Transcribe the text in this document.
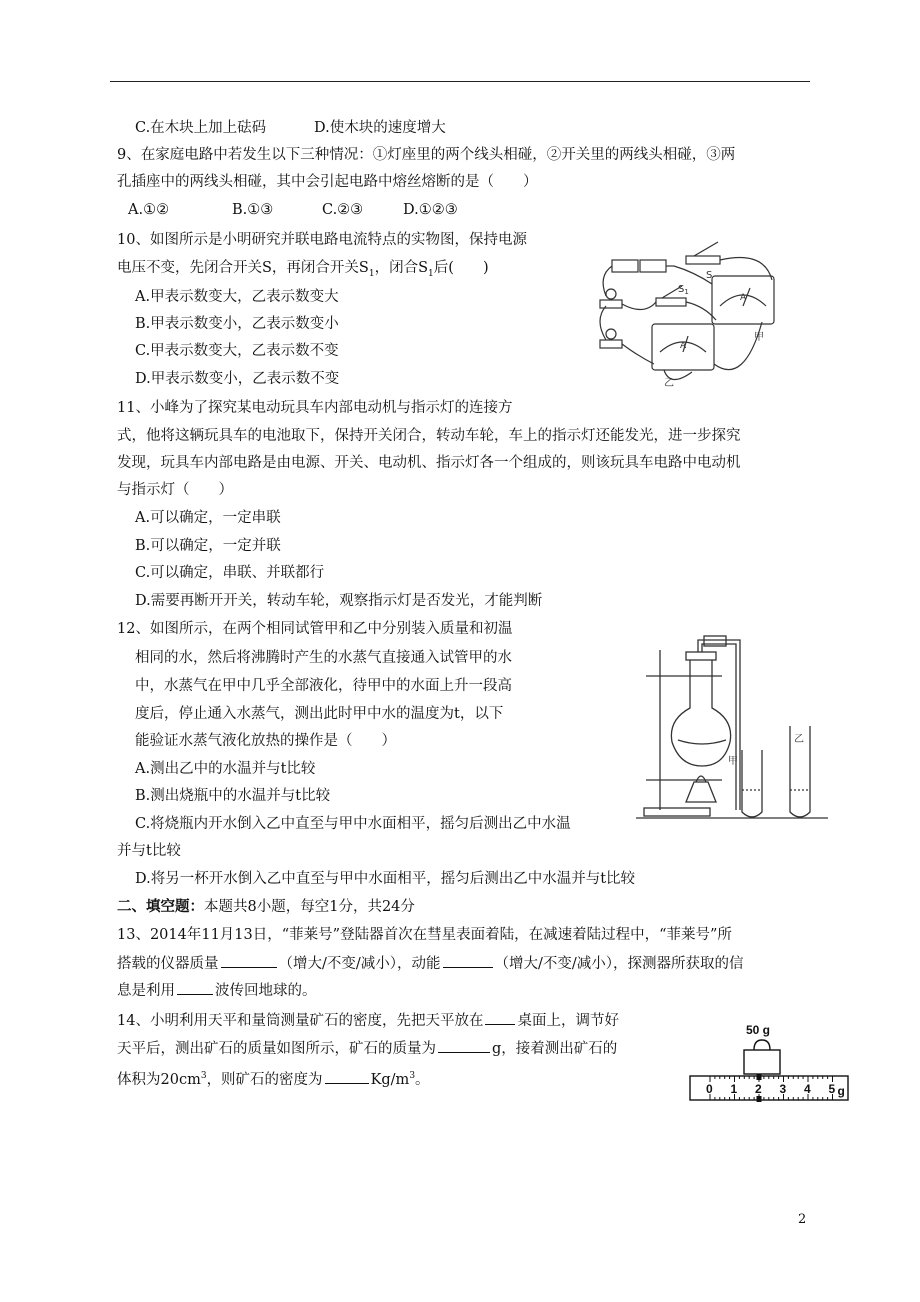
C.在木块上加上砝码	D.使木块的速度增大
9、在家庭电路中若发生以下三种情况：①灯座里的两个线头相碰，②开关里的两线头相碰，③两
孔插座中的两线头相碰，其中会引起电路中熔丝熔断的是（　　）
A.①②	B.①③	C.②③	D.①②③
10、如图所示是小明研究并联电路电流特点的实物图，保持电源
电压不变，先闭合开关S，再闭合开关$S_1$，闭合$S_1$后(　　)
A.甲表示数变大，乙表示数变大
B.甲表示数变小，乙表示数变小
C.甲表示数变大，乙表示数不变
D.甲表示数变小，乙表示数不变
$S_1$
S
A
A
甲
乙
11、小峰为了探究某电动玩具车内部电动机与指示灯的连接方
式，他将这辆玩具车的电池取下，保持开关闭合，转动车轮，车上的指示灯还能发光，进一步探究
发现，玩具车内部电路是由电源、开关、电动机、指示灯各一个组成的，则该玩具车电路中电动机
与指示灯（　　）
A.可以确定，一定串联
B.可以确定，一定并联
C.可以确定，串联、并联都行
D.需要再断开开关，转动车轮，观察指示灯是否发光，才能判断
12、如图所示，在两个相同试管甲和乙中分别装入质量和初温
相同的水，然后将沸腾时产生的水蒸气直接通入试管甲的水
中，水蒸气在甲中几乎全部液化，待甲中的水面上升一段高
度后，停止通入水蒸气，测出此时甲中水的温度为t，以下
能验证水蒸气液化放热的操作是（　　）
A.测出乙中的水温并与t比较
B.测出烧瓶中的水温并与t比较
C.将烧瓶内开水倒入乙中直至与甲中水面相平，摇匀后测出乙中水温
并与t比较
D.将另一杯开水倒入乙中直至与甲中水面相平，摇匀后测出乙中水温并与t比较
甲
乙
二、填空题：本题共8小题，每空1分，共24分
13、2014年11月13日，“菲莱号”登陆器首次在彗星表面着陆，在减速着陆过程中，“菲莱号”所
搭载的仪器质量	（增大/不变/减小），动能	（增大/不变/减小），探测器所获取的信
息是利用	波传回地球的。
14、小明利用天平和量筒测量矿石的密度，先把天平放在 桌面上，调节好
天平后，测出矿石的质量如图所示，矿石的质量为	g，接着测出矿石的
体积为$20cm^3$，则矿石的密度为	$Kg/m^3$。
50 g
0 1 2 3 4 5 g
2
